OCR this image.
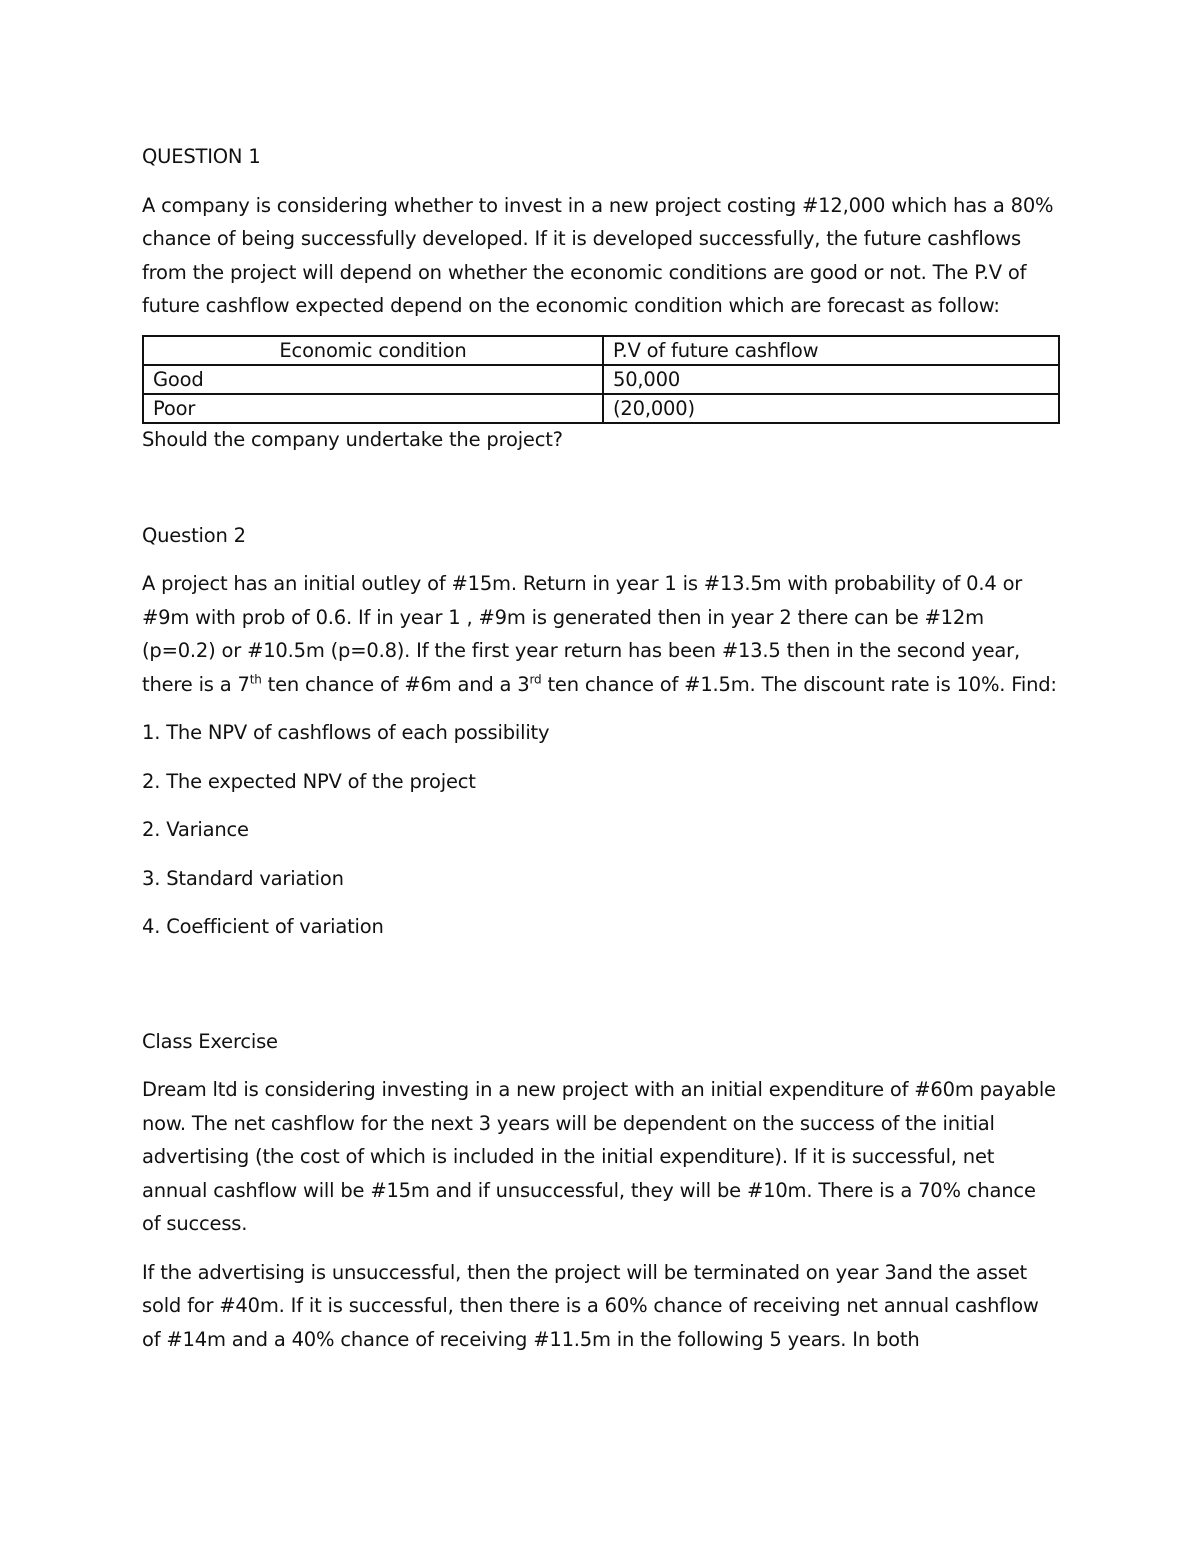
QUESTION 1

A company is considering whether to invest in a new project costing #12,000 which has a 80% chance of being successfully developed. If it is developed successfully, the future cashflows from the project will depend on whether the economic conditions are good or not. The P.V of future cashflow expected depend on the economic condition which are forecast as follow:

Economic condition	P.V of future cashflow
Good	50,000
Poor	(20,000)
Should the company undertake the project?
Question 2

A project has an initial outley of #15m. Return in year 1 is #13.5m with probability of 0.4 or #9m with prob of 0.6. If in year 1 , #9m is generated then in year 2 there can be #12m (p=0.2) or #10.5m (p=0.8). If the first year return has been #13.5 then in the second year, there is a 7th ten chance of #6m and a 3rd ten chance of #1.5m. The discount rate is 10%. Find:

1. The NPV of cashflows of each possibility
2. The expected NPV of the project
2. Variance
3. Standard variation
4. Coefficient of variation
Class Exercise

Dream ltd is considering investing in a new project with an initial expenditure of #60m payable now. The net cashflow for the next 3 years will be dependent on the success of the initial advertising (the cost of which is included in the initial expenditure). If it is successful, net annual cashflow will be #15m and if unsuccessful, they will be #10m. There is a 70% chance of success.

If the advertising is unsuccessful, then the project will be terminated on year 3and the asset sold for #40m. If it is successful, then there is a 60% chance of receiving net annual cashflow of #14m and a 40% chance of receiving #11.5m in the following 5 years. In both
